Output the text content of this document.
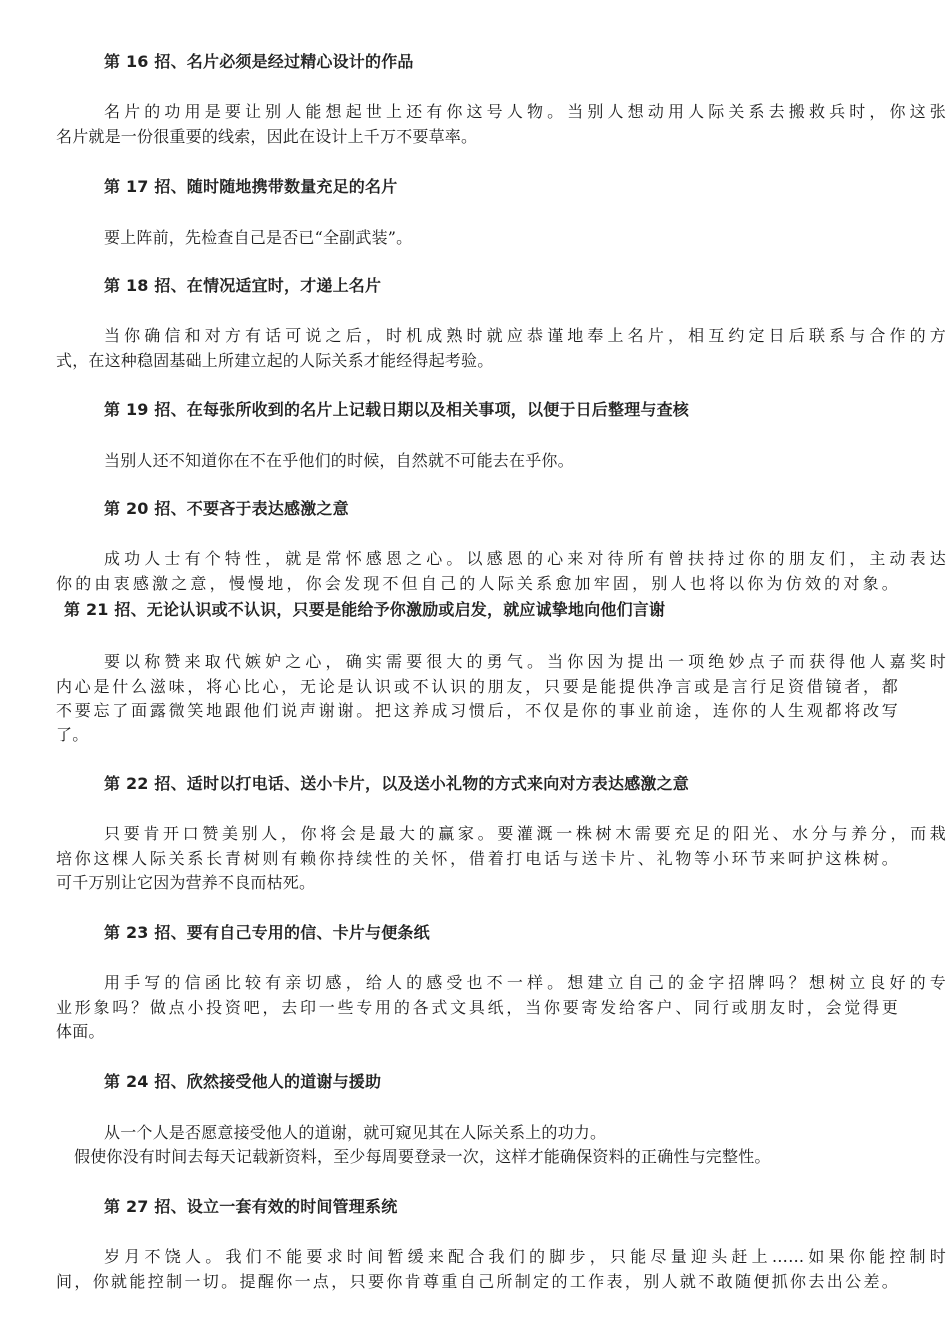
第 16 招、名片必须是经过精心设计的作品
名片的功用是要让别人能想起世上还有你这号人物。当别人想动用人际关系去搬救兵时，你这张
名片就是一份很重要的线索，因此在设计上千万不要草率。
第 17 招、随时随地携带数量充足的名片
要上阵前，先检查自己是否已“全副武装”。
第 18 招、在情况适宜时，才递上名片
当你确信和对方有话可说之后，时机成熟时就应恭谨地奉上名片，相互约定日后联系与合作的方
式，在这种稳固基础上所建立起的人际关系才能经得起考验。
第 19 招、在每张所收到的名片上记载日期以及相关事项，以便于日后整理与查核
当别人还不知道你在不在乎他们的时候，自然就不可能去在乎你。
第 20 招、不要吝于表达感激之意
成功人士有个特性，就是常怀感恩之心。以感恩的心来对待所有曾扶持过你的朋友们，主动表达
你的由衷感激之意，慢慢地，你会发现不但自己的人际关系愈加牢固，别人也将以你为仿效的对象。
第 21 招、无论认识或不认识，只要是能给予你激励或启发，就应诚挚地向他们言谢
要以称赞来取代嫉妒之心，确实需要很大的勇气。当你因为提出一项绝妙点子而获得他人嘉奖时
内心是什么滋味，将心比心，无论是认识或不认识的朋友，只要是能提供净言或是言行足资借镜者，都
不要忘了面露微笑地跟他们说声谢谢。把这养成习惯后，不仅是你的事业前途，连你的人生观都将改写
了。
第 22 招、适时以打电话、送小卡片，以及送小礼物的方式来向对方表达感激之意
只要肯开口赞美别人，你将会是最大的赢家。要灌溉一株树木需要充足的阳光、水分与养分，而栽
培你这棵人际关系长青树则有赖你持续性的关怀，借着打电话与送卡片、礼物等小环节来呵护这株树。
可千万别让它因为营养不良而枯死。
第 23 招、要有自己专用的信、卡片与便条纸
用手写的信函比较有亲切感，给人的感受也不一样。想建立自己的金字招牌吗？想树立良好的专
业形象吗？做点小投资吧，去印一些专用的各式文具纸，当你要寄发给客户、同行或朋友时，会觉得更
体面。
第 24 招、欣然接受他人的道谢与援助
从一个人是否愿意接受他人的道谢，就可窥见其在人际关系上的功力。
假使你没有时间去每天记载新资料，至少每周要登录一次，这样才能确保资料的正确性与完整性。
第 27 招、设立一套有效的时间管理系统
岁月不饶人。我们不能要求时间暂缓来配合我们的脚步，只能尽量迎头赶上……如果你能控制时
间，你就能控制一切。提醒你一点，只要你肯尊重自己所制定的工作表，别人就不敢随便抓你去出公差。
